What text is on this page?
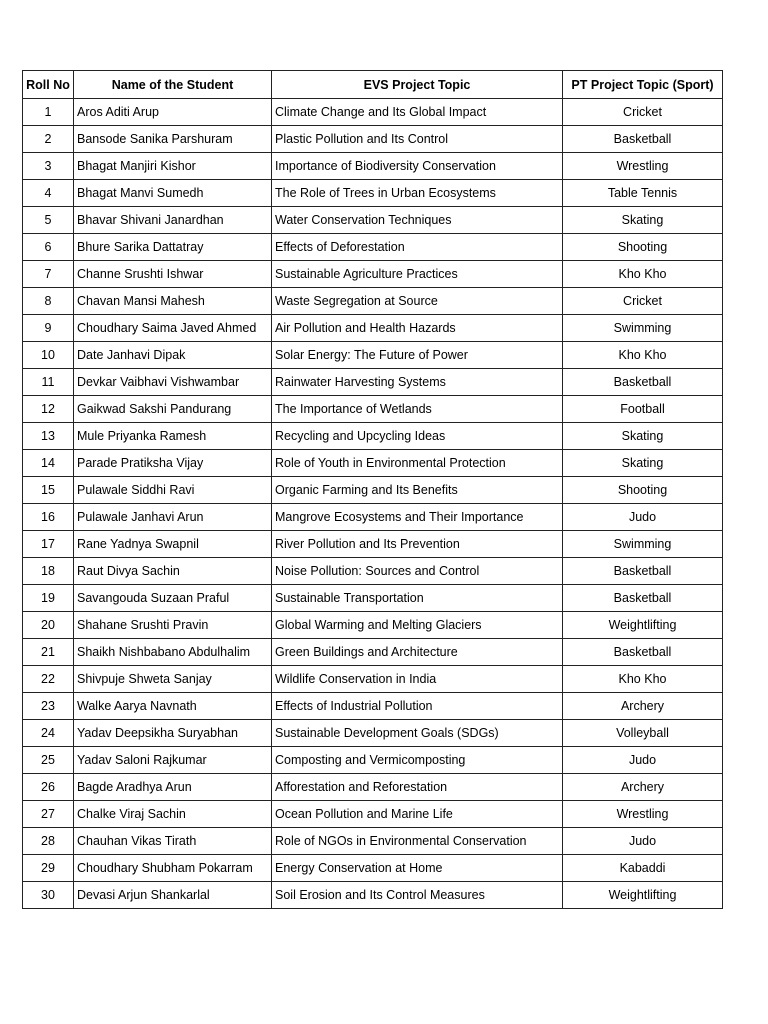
Roll No	Name of the Student	EVS Project Topic	PT Project Topic (Sport)
1	Aros Aditi Arup	Climate Change and Its Global Impact	Cricket
2	Bansode Sanika Parshuram	Plastic Pollution and Its Control	Basketball
3	Bhagat Manjiri Kishor	Importance of Biodiversity Conservation	Wrestling
4	Bhagat Manvi Sumedh	The Role of Trees in Urban Ecosystems	Table Tennis
5	Bhavar Shivani Janardhan	Water Conservation Techniques	Skating
6	Bhure Sarika Dattatray	Effects of Deforestation	Shooting
7	Channe Srushti Ishwar	Sustainable Agriculture Practices	Kho Kho
8	Chavan Mansi Mahesh	Waste Segregation at Source	Cricket
9	Choudhary Saima Javed Ahmed	Air Pollution and Health Hazards	Swimming
10	Date Janhavi Dipak	Solar Energy: The Future of Power	Kho Kho
11	Devkar Vaibhavi Vishwambar	Rainwater Harvesting Systems	Basketball
12	Gaikwad Sakshi Pandurang	The Importance of Wetlands	Football
13	Mule Priyanka Ramesh	Recycling and Upcycling Ideas	Skating
14	Parade Pratiksha Vijay	Role of Youth in Environmental Protection	Skating
15	Pulawale Siddhi Ravi	Organic Farming and Its Benefits	Shooting
16	Pulawale Janhavi Arun	Mangrove Ecosystems and Their Importance	Judo
17	Rane Yadnya Swapnil	River Pollution and Its Prevention	Swimming
18	Raut Divya Sachin	Noise Pollution: Sources and Control	Basketball
19	Savangouda Suzaan Praful	Sustainable Transportation	Basketball
20	Shahane Srushti Pravin	Global Warming and Melting Glaciers	Weightlifting
21	Shaikh Nishbabano Abdulhalim	Green Buildings and Architecture	Basketball
22	Shivpuje Shweta Sanjay	Wildlife Conservation in India	Kho Kho
23	Walke Aarya Navnath	Effects of Industrial Pollution	Archery
24	Yadav Deepsikha Suryabhan	Sustainable Development Goals (SDGs)	Volleyball
25	Yadav Saloni Rajkumar	Composting and Vermicomposting	Judo
26	Bagde Aradhya Arun	Afforestation and Reforestation	Archery
27	Chalke Viraj Sachin	Ocean Pollution and Marine Life	Wrestling
28	Chauhan Vikas Tirath	Role of NGOs in Environmental Conservation	Judo
29	Choudhary Shubham Pokarram	Energy Conservation at Home	Kabaddi
30	Devasi Arjun Shankarlal	Soil Erosion and Its Control Measures	Weightlifting
